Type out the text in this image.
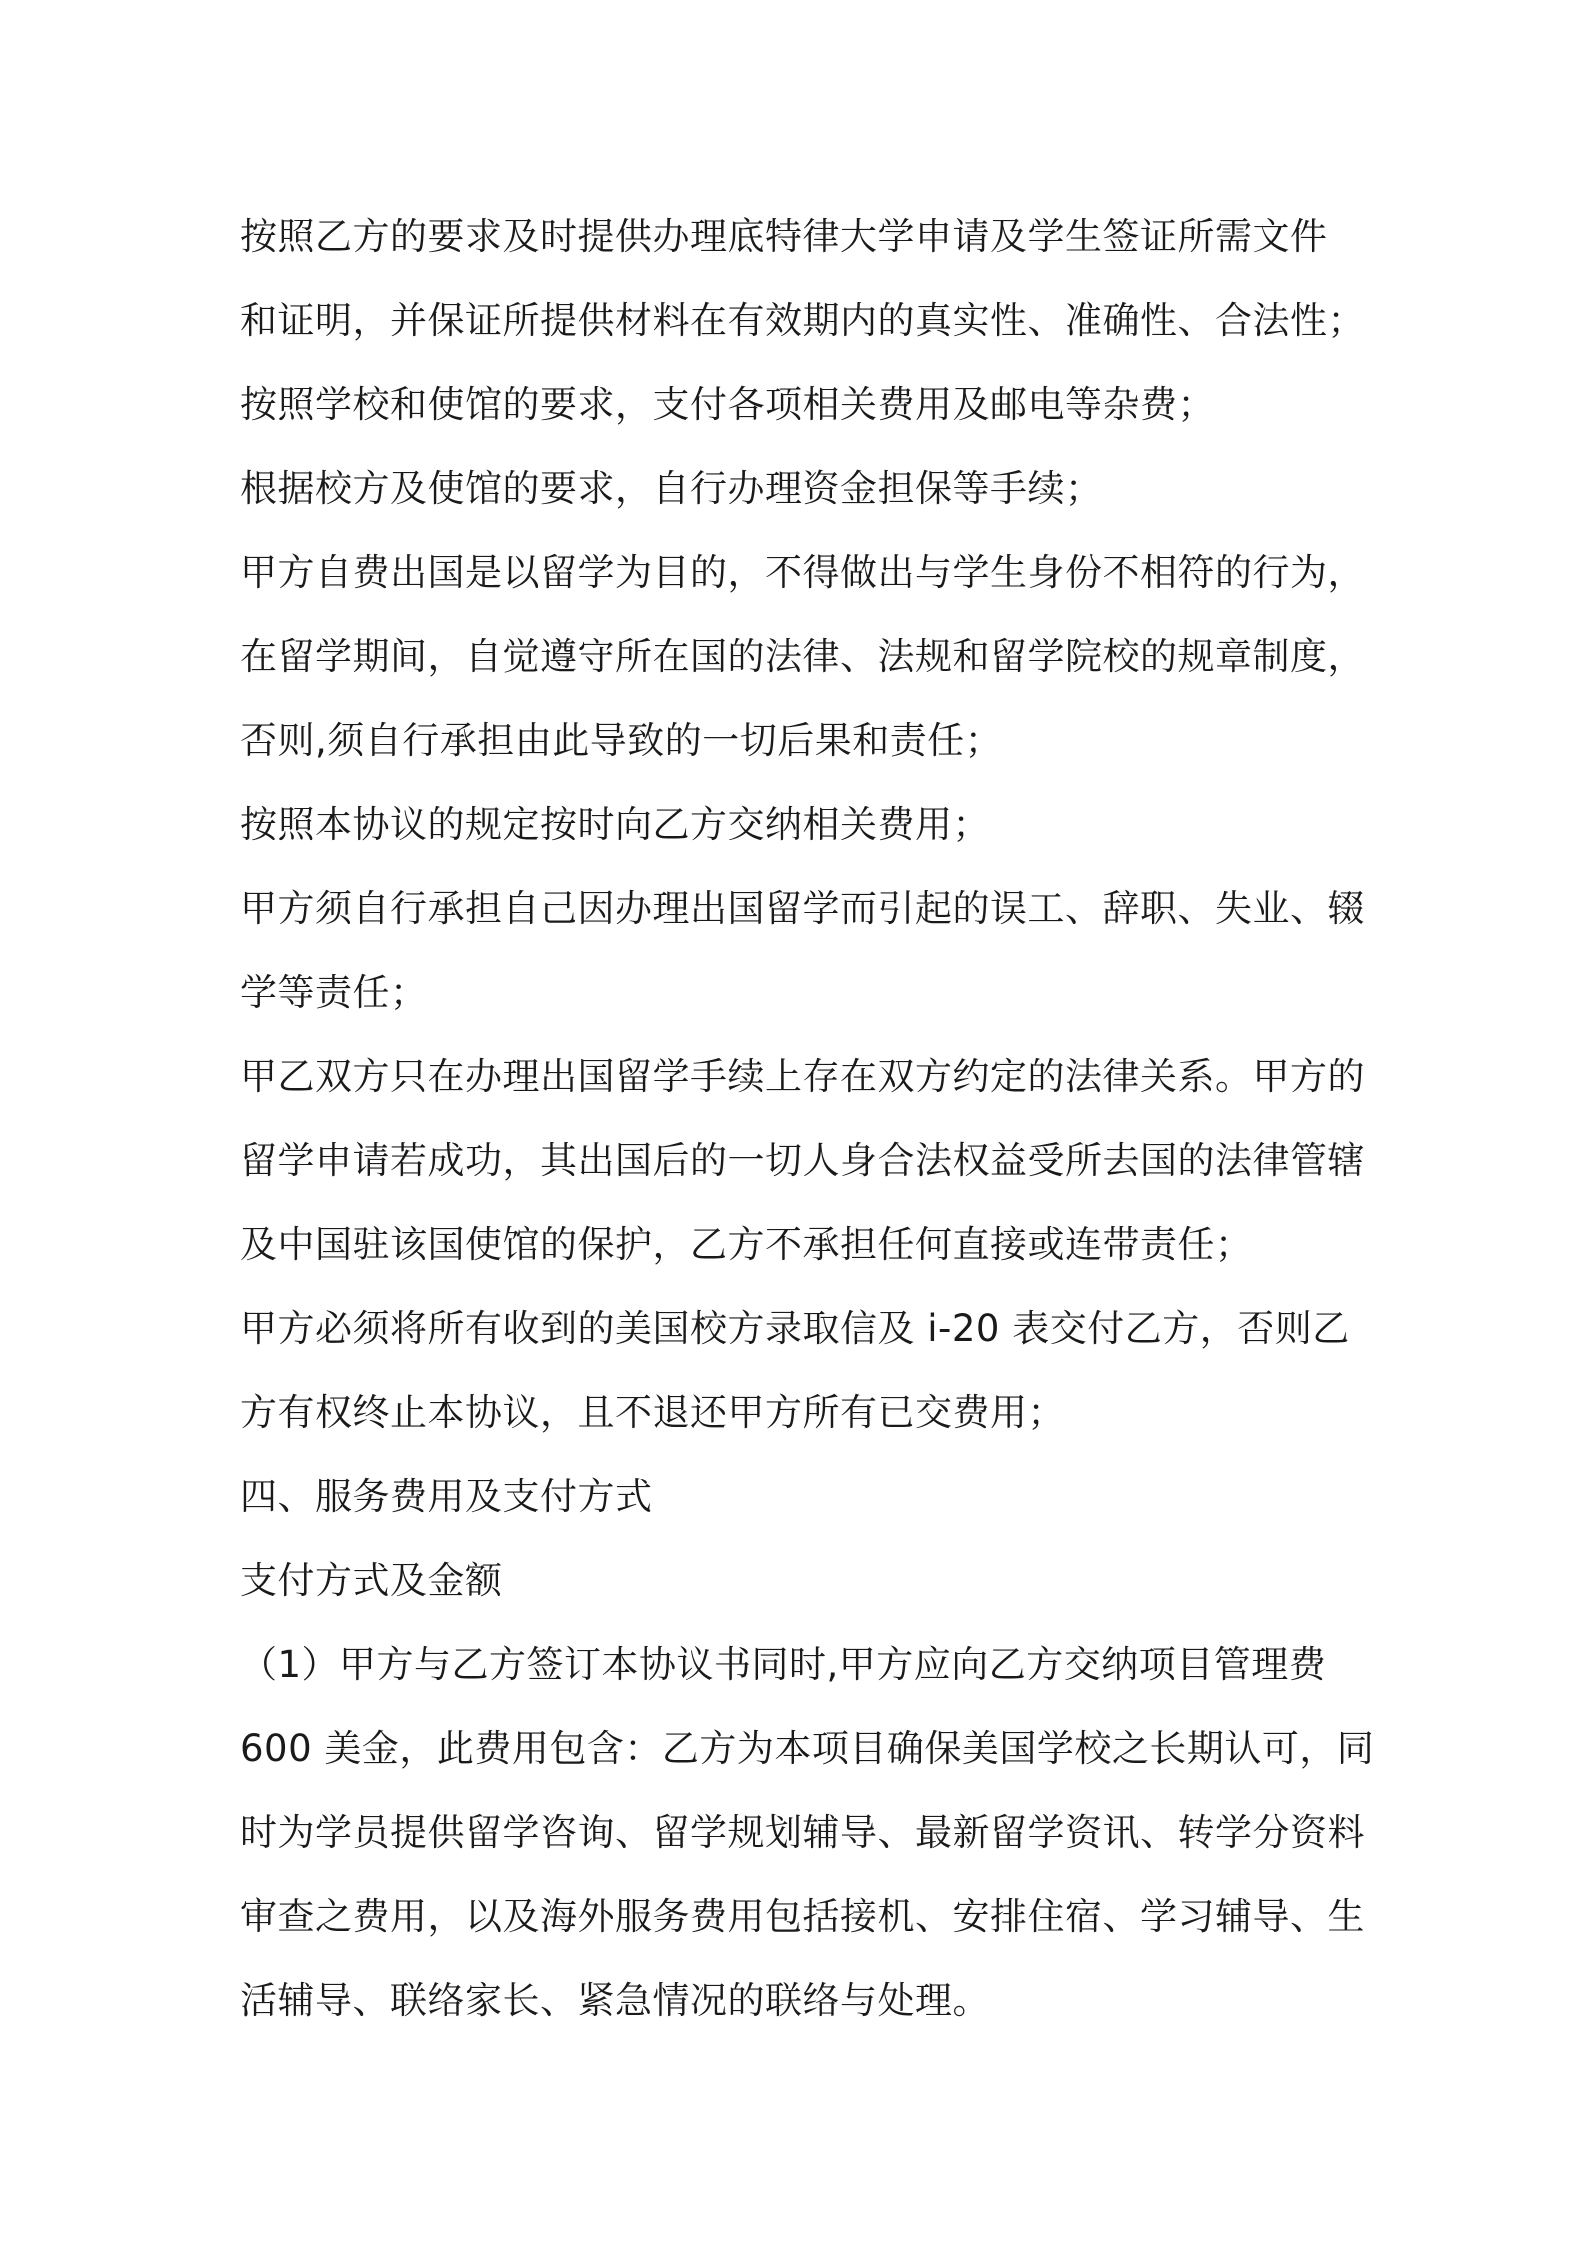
按照乙方的要求及时提供办理底特律大学申请及学生签证所需文件
和证明，并保证所提供材料在有效期内的真实性、准确性、合法性；
按照学校和使馆的要求，支付各项相关费用及邮电等杂费；
根据校方及使馆的要求，自行办理资金担保等手续；
甲方自费出国是以留学为目的，不得做出与学生身份不相符的行为，
在留学期间，自觉遵守所在国的法律、法规和留学院校的规章制度，
否则,须自行承担由此导致的一切后果和责任；
按照本协议的规定按时向乙方交纳相关费用；
甲方须自行承担自己因办理出国留学而引起的误工、辞职、失业、辍
学等责任；
甲乙双方只在办理出国留学手续上存在双方约定的法律关系。甲方的
留学申请若成功，其出国后的一切人身合法权益受所去国的法律管辖
及中国驻该国使馆的保护，乙方不承担任何直接或连带责任；
甲方必须将所有收到的美国校方录取信及 i-20 表交付乙方，否则乙
方有权终止本协议，且不退还甲方所有已交费用；
四、服务费用及支付方式
支付方式及金额
（1）甲方与乙方签订本协议书同时,甲方应向乙方交纳项目管理费
600 美金，此费用包含：乙方为本项目确保美国学校之长期认可，同
时为学员提供留学咨询、留学规划辅导、最新留学资讯、转学分资料
审查之费用，以及海外服务费用包括接机、安排住宿、学习辅导、生
活辅导、联络家长、紧急情况的联络与处理。
